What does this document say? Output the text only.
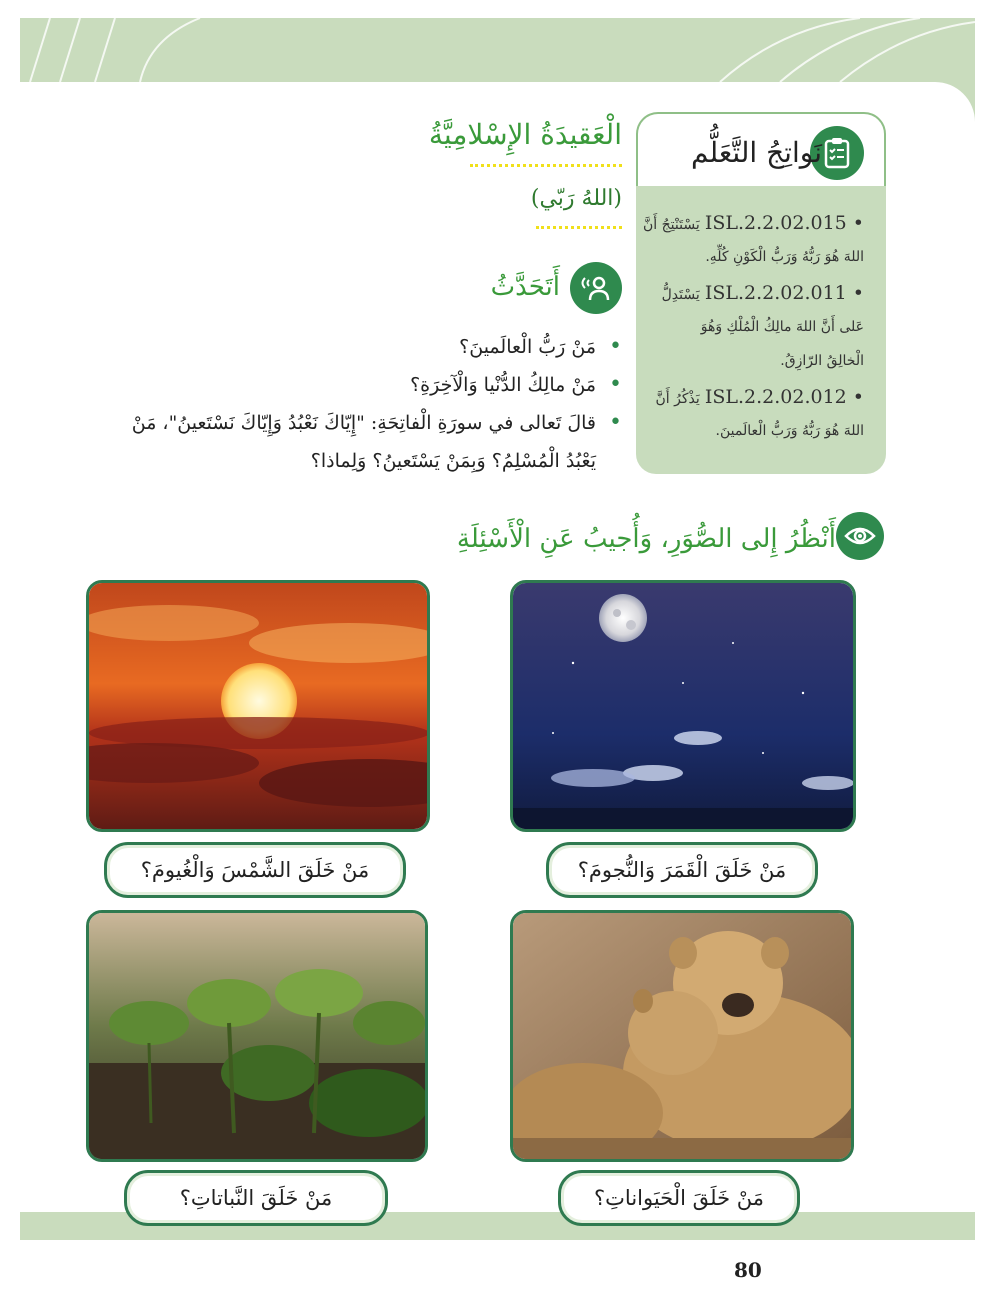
نَواتِجُ التَّعَلُّم
• ISL.2.2.02.015 يَسْتَنْتِجُ أَنَّ
اللهَ هُوَ رَبُّهُ وَرَبُّ الْكَوْنِ كُلِّهِ.
• ISL.2.2.02.011 يَسْتَدِلُّ
عَلى أَنَّ اللهَ مالِكُ الْمُلْكِ وَهُوَ
الْخالِقُ الرّازِقُ.
• ISL.2.2.02.012 يَذْكُرُ أَنَّ
اللهَ هُوَ رَبُّهُ وَرَبُّ الْعالَمينَ.
الْعَقيدَةُ الإِسْلامِيَّةُ
(اللهُ رَبّي)
أَتَحَدَّثُ
• مَنْ رَبُّ الْعالَمينَ؟
• مَنْ مالِكُ الدُّنْيا وَالْآخِرَةِ؟
• قالَ تَعالى في سورَةِ الْفاتِحَةِ: "إِيّاكَ نَعْبُدُ وَإِيّاكَ نَسْتَعينُ"، مَنْ يَعْبُدُ الْمُسْلِمُ؟ وَبِمَنْ يَسْتَعينُ؟ وَلِماذا؟
أَنْظُرُ إِلى الصُّوَرِ، وَأُجيبُ عَنِ الْأَسْئِلَةِ
مَنْ خَلَقَ الْقَمَرَ وَالنُّجومَ؟
مَنْ خَلَقَ الشَّمْسَ وَالْغُيومَ؟
مَنْ خَلَقَ الْحَيَواناتِ؟
مَنْ خَلَقَ النَّباتاتِ؟
80
